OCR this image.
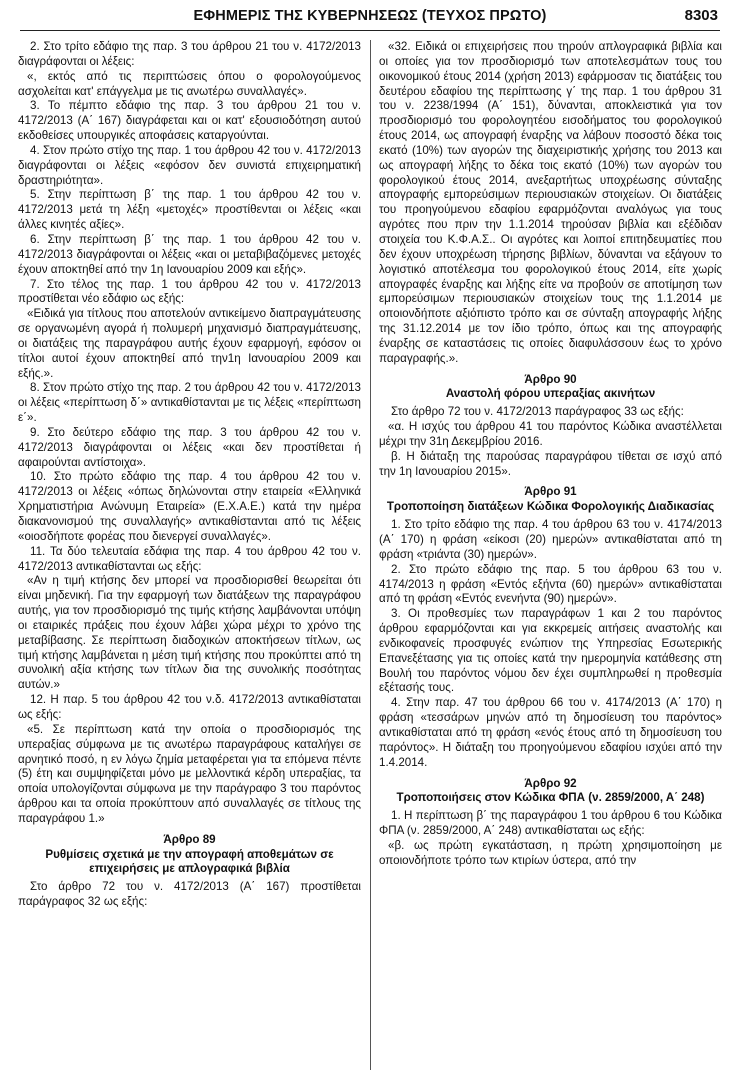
ΕΦΗΜΕΡΙΣ ΤΗΣ ΚΥΒΕΡΝΗΣΕΩΣ (ΤΕΥΧΟΣ ΠΡΩΤΟ)	8303

2. Στο τρίτο εδάφιο της παρ. 3 του άρθρου 21 του ν. 4172/2013 διαγράφονται οι λέξεις:

«, εκτός από τις περιπτώσεις όπου ο φορολογούμενος ασχολείται κατ' επάγγελμα με τις ανωτέρω συναλλαγές».

3. Το πέμπτο εδάφιο της παρ. 3 του άρθρου 21 του ν. 4172/2013 (Α΄ 167) διαγράφεται και οι κατ' εξουσιοδότηση αυτού εκδοθείσες υπουργικές αποφάσεις καταργούνται.

4. Στον πρώτο στίχο της παρ. 1 του άρθρου 42 του ν. 4172/2013 διαγράφονται οι λέξεις «εφόσον δεν συνιστά επιχειρηματική δραστηριότητα».

5. Στην περίπτωση β΄ της παρ. 1 του άρθρου 42 του ν. 4172/2013 μετά τη λέξη «μετοχές» προστίθενται οι λέξεις «και άλλες κινητές αξίες».

6. Στην περίπτωση β΄ της παρ. 1 του άρθρου 42 του ν. 4172/2013 διαγράφονται οι λέξεις «και οι μεταβιβαζόμενες μετοχές έχουν αποκτηθεί από την 1η Ιανουαρίου 2009 και εξής».

7. Στο τέλος της παρ. 1 του άρθρου 42 του ν. 4172/2013 προστίθεται νέο εδάφιο ως εξής:

«Ειδικά για τίτλους που αποτελούν αντικείμενο διαπραγμάτευσης σε οργανωμένη αγορά ή πολυμερή μηχανισμό διαπραγμάτευσης, οι διατάξεις της παραγράφου αυτής έχουν εφαρμογή, εφόσον οι τίτλοι αυτοί έχουν αποκτηθεί από την1η Ιανουαρίου 2009 και εξής.».

8. Στον πρώτο στίχο της παρ. 2 του άρθρου 42 του ν. 4172/2013 οι λέξεις «περίπτωση δ΄» αντικαθίστανται με τις λέξεις «περίπτωση ε΄».

9. Στο δεύτερο εδάφιο της παρ. 3 του άρθρου 42 του ν. 4172/2013 διαγράφονται οι λέξεις «και δεν προστίθεται ή αφαιρούνται αντίστοιχα».

10. Στο πρώτο εδάφιο της παρ. 4 του άρθρου 42 του ν. 4172/2013 οι λέξεις «όπως δηλώνονται στην εταιρεία «Ελληνικά Χρηματιστήρια Ανώνυμη Εταιρεία» (Ε.Χ.Α.Ε.) κατά την ημέρα διακανονισμού της συναλλαγής» αντικαθίστανται από τις λέξεις «οιοσδήποτε φορέας που διενεργεί συναλλαγές».

11. Τα δύο τελευταία εδάφια της παρ. 4 του άρθρου 42 του ν. 4172/2013 αντικαθίστανται ως εξής:

«Αν η τιμή κτήσης δεν μπορεί να προσδιορισθεί θεωρείται ότι είναι μηδενική. Για την εφαρμογή των διατάξεων της παραγράφου αυτής, για τον προσδιορισμό της τιμής κτήσης λαμβάνονται υπόψη οι εταιρικές πράξεις που έχουν λάβει χώρα μέχρι το χρόνο της μεταβίβασης. Σε περίπτωση διαδοχικών αποκτήσεων τίτλων, ως τιμή κτήσης λαμβάνεται η μέση τιμή κτήσης που προκύπτει από τη συνολική αξία κτήσης των τίτλων δια της συνολικής ποσότητας αυτών.»

12. Η παρ. 5 του άρθρου 42 του ν.δ. 4172/2013 αντικαθίσταται ως εξής:

«5. Σε περίπτωση κατά την οποία ο προσδιορισμός της υπεραξίας σύμφωνα με τις ανωτέρω παραγράφους καταλήγει σε αρνητικό ποσό, η εν λόγω ζημία μεταφέρεται για τα επόμενα πέντε (5) έτη και συμψηφίζεται μόνο με μελλοντικά κέρδη υπεραξίας, τα οποία υπολογίζονται σύμφωνα με την παράγραφο 3 του παρόντος άρθρου και τα οποία προκύπτουν από συναλλαγές σε τίτλους της παραγράφου 1.»

Άρθρο 89

Ρυθμίσεις σχετικά με την απογραφή αποθεμάτων σε επιχειρήσεις με απλογραφικά βιβλία

Στο άρθρο 72 του ν. 4172/2013 (Α΄ 167) προστίθεται παράγραφος 32 ως εξής:

«32. Ειδικά οι επιχειρήσεις που τηρούν απλογραφικά βιβλία και οι οποίες για τον προσδιορισμό των αποτελεσμάτων τους του οικονομικού έτους 2014 (χρήση 2013) εφάρμοσαν τις διατάξεις του δευτέρου εδαφίου της περίπτωσης γ΄ της παρ. 1 του άρθρου 31 του ν. 2238/1994 (Α΄ 151), δύνανται, αποκλειστικά για τον προσδιορισμό του φορολογητέου εισοδήματος του φορολογικού έτους 2014, ως απογραφή έναρξης να λάβουν ποσοστό δέκα τοις εκατό (10%) των αγορών της διαχειριστικής χρήσης του 2013 και ως απογραφή λήξης το δέκα τοις εκατό (10%) των αγορών του φορολογικού έτους 2014, ανεξαρτήτως υποχρέωσης σύνταξης απογραφής εμπορεύσιμων περιουσιακών στοιχείων. Οι διατάξεις του προηγούμενου εδαφίου εφαρμόζονται αναλόγως για τους αγρότες που πριν την 1.1.2014 τηρούσαν βιβλία και εξέδιδαν στοιχεία του Κ.Φ.Α.Σ.. Οι αγρότες και λοιποί επιτηδευματίες που δεν έχουν υποχρέωση τήρησης βιβλίων, δύνανται να εξάγουν το λογιστικό αποτέλεσμα του φορολογικού έτους 2014, είτε χωρίς απογραφές έναρξης και λήξης είτε να προβούν σε αποτίμηση των εμπορεύσιμων περιουσιακών στοιχείων τους της 1.1.2014 με οποιονδήποτε αξιόπιστο τρόπο και σε σύνταξη απογραφής λήξης της 31.12.2014 με τον ίδιο τρόπο, όπως και της απογραφής έναρξης σε καταστάσεις τις οποίες διαφυλάσσουν έως το χρόνο παραγραφής.».

Άρθρο 90

Αναστολή φόρου υπεραξίας ακινήτων

Στο άρθρο 72 του ν. 4172/2013 παράγραφος 33 ως εξής:

«α. Η ισχύς του άρθρου 41 του παρόντος Κώδικα αναστέλλεται μέχρι την 31η Δεκεμβρίου 2016.

β. Η διάταξη της παρούσας παραγράφου τίθεται σε ισχύ από την 1η Ιανουαρίου 2015».

Άρθρο 91

Τροποποίηση διατάξεων Κώδικα Φορολογικής Διαδικασίας

1. Στο τρίτο εδάφιο της παρ. 4 του άρθρου 63 του ν. 4174/2013 (Α΄ 170) η φράση «είκοσι (20) ημερών» αντικαθίσταται από τη φράση «τριάντα (30) ημερών».

2. Στο πρώτο εδάφιο της παρ. 5 του άρθρου 63 του ν. 4174/2013 η φράση «Εντός εξήντα (60) ημερών» αντικαθίσταται από τη φράση «Εντός ενενήντα (90) ημερών».

3. Οι προθεσμίες των παραγράφων 1 και 2 του παρόντος άρθρου εφαρμόζονται και για εκκρεμείς αιτήσεις αναστολής και ενδικοφανείς προσφυγές ενώπιον της Υπηρεσίας Εσωτερικής Επανεξέτασης για τις οποίες κατά την ημερομηνία κατάθεσης στη Βουλή του παρόντος νόμου δεν έχει συμπληρωθεί η προθεσμία εξέτασής τους.

4. Στην παρ. 47 του άρθρου 66 του ν. 4174/2013 (Α΄ 170) η φράση «τεσσάρων μηνών από τη δημοσίευση του παρόντος» αντικαθίσταται από τη φράση «ενός έτους από τη δημοσίευση του παρόντος». Η διάταξη του προηγούμενου εδαφίου ισχύει από την 1.4.2014.

Άρθρο 92

Τροποποιήσεις στον Κώδικα ΦΠΑ (ν. 2859/2000, Α΄ 248)

1. Η περίπτωση β΄ της παραγράφου 1 του άρθρου 6 του Κώδικα ΦΠΑ (ν. 2859/2000, Α΄ 248) αντικαθίσταται ως εξής:

«β. ως πρώτη εγκατάσταση, η πρώτη χρησιμοποίηση με οποιονδήποτε τρόπο των κτιρίων ύστερα, από την
